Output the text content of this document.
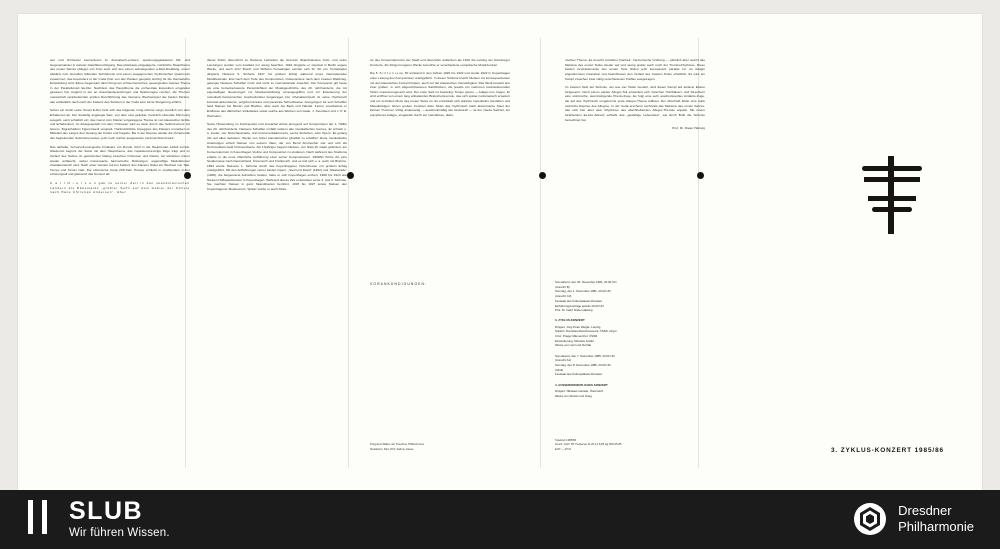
sier und Orchester konzertieren im dramatisch-ernsten, spannungsgeladenen Mit- und Gegeneinander in steteter Gleichberechtigung. Das phantasie-eingelagerte, männliche Hauptthema des ersten Satzes (Allegro con brio) setzt sich aus einem aufsteigenden a-Moll-Dreiklang, einem abwärts zum Grundton fallenden Schrittmotiv und einem ausgeprochen rhythmischen Quartmotiv zusammen, das besonders in der Coda (hier von den Pauken gespielt) wichtig für die thematische Entwicklung wird. Eines Gegensatz dazu bringt ein schwermerisches, gesangvolles zweites Thema in der Paralleltonart Es-Dur. Nachdem das Hauptthema die orchestrale Exposition eingeleitet gewesen hat, beginnt in der an Auseinandersetzungen und Spannungen reichen, die Themen meisterhaft verarbeitenden großen Durchführung das intensive Wechselspiel der beiden Partner, das schließlich nach nach der Kadenz des Solisten in der Coda eine letzte Steigerung erfährt.

Schon ein durch seine Tonart E-Dur hebt sich das folgende, innig-schöne Largo merklich von dem Erhabenen ab. Der dreiteilig angelegte Satz, von dem eine geliebte, freiartich-ruhevolle Stimmung ausgeht, setzt schallich ein; das zuerst vom Klavier vorgetragene Thema ist von klassischer Größe und Erhabenheit. Im Zwiegespräch mit dem Orchester wird es dann durch das Solinstrument mit feinem, filigranhaftem Figurenwerk umspielt. Harfenähnliche Arpeggien des Klaviers umranken im Mittelteil des Largos den Gesang der Flöten und Fagotts. Bis in der Reprise wieder die Ornamentik des begleitenden Soloinstrumentes, jetzt noch reicher ausgeweitet, kennzeichnend wird.

Das lebhafte, humorvoll-energische Finalsatz, ein Rondo, führt in die Haupttonart a-Moll zurück. Wiederum beginnt der Solist mit dem Hauptthema, das zupackend-trotzige Züge trägt und im Verlauf des Satzes im geistreichen Dialog zwischen Orchester und Klavier mit Varianten immer wieder auftaucht, wobei interessante harmonische Rückungen, eigenwillige Modulationen charakteristisch sind. Nach einer zweiten kurzen Kadenz des Klaviers findet ein Wechsel von Takt, Tempo und Tonart statt. Die stürmische Coda (6/8-Takt, Presto) schließt in strahlendem C-Dur schwungvoll und glänzend das Konzert ab.

C a r l N i e l s e n gab zu seiner Zeit in den skandinavischen Ländern als Dänemarks „größter Sohn auf dem Gebiet der Künste nach Hans Christian Andersen“. Aber

dieser Ruhm überschritt zu Nielsens Lebzeiten die Grenzen Skandinaviens nicht, und seine Leistungen wurden vom Ausland nur wenig beachtet. 1922 dirigierte er zweimal in Berlin eigene Werke, und auch Fritz Busch und Wilhelm Furtwängler setzten sich für ihn ein. Furtwängler dirigierte Nielsens 5. Sinfonie 1927 mit großem Erfolg während eines internationalen Musikfestivals. Erst nach dem Tode des Komponisten, insbesondere nach dem zweiten Weltkrieg, gelangte Nielsens Schaffen mehr und mehr zu internationaler Ansehen. Der Komponist gilt heute als eine bemerkenswerte Persönlichkeit der Musikgeschichte des 20. Jahrhunderts, die mit eigenwilligen Neuerungen zur Musikentwicklung vorausgegriffen und zur Erweiterung der melodisch-harmonischen Ausdruckmittel beigetragen hat. Charakteristisch ist seine rhythmisch kontrast-akzentuierte, polyphon-lineare und pastorale Schreibweise. Anregungen für sein Schaffen fand Nielsen bei Mozart und Brahms, aber auch bei Bach und Händel. Ferner verarbeitete er Einflüsse des dänischen Volksliedes sowie solche aus Werken von Gade, J. Svendsen und J. P. E. Hartmann.

Seine Hinwendung zu Kontrapunkt und Linearität wirkte anregend auf Komponisten der 1. Hälfte des 20. Jahrhunderts. Nielsens Schaffen umfaßt nahezu alle musikalischen Genres. Er schrieb u. a. Lieder, vier Streichquartette, drei Instrumentalkonzerte, sechs Sinfonien, zwei Opern. Es gelang ihm auf allen Gebieten, Werke von hoher künstlerischer Qualität zu schaffen. Erste musikalische Anleitungen erhielt Nielsen von seinem Vater, der von Beruf Anstreicher war und sich als Dorfmusikant Geld hinzuverdiente. Als 17jähriger begann Nielsen, von Niels W. Gade gefördert, am Konservatorium in Kopenhagen Violine und Komposition zu studieren. Nach während des Studiums erlebte er die erste öffentliche Aufführung einer seiner Kompositionen. 1890/91 führte ihn eine Studienreise nach Deutschland, Österreich und Frankreich, und es traf sich u. a. auch mit Brahms. 1894 wurde Nielsens 1. Sinfonie durch das Kopenhagener Hoforchester mit großem Erfolg uraufgeführt. Mit den Aufführungen seiner beiden Opern, „Saul und David“ (1902) und „Maskerade“ (1906), die beigeisterte Aufnahme fanden, hatte er sich Kopenhagen erobert. 1908 bis 1914 war Nielsen Hofkapellmeister in Kopenhagen. Während dieses Zeit entstanden seine 3. und 4. Sinfonie. Sie machten Nielsen in ganz Skandinavien berühmt. 1915 bis 1927 leitete Nielsen den Kopenhagener Musikverein. Später wurde er auch Direk-

tor des Konservatoriums der Stadt und übernahm außerdem als 1918 die Leitung der Göteborger Konzerte. Als Dirigent eigener Werke besuchte er verschiedene europäische Musikzentren.

Die 5. S i n f o n i e op. 50 entstand in den Jahren 1920 bis 1922 und wurde 1922 in Kopenhagen unter Leitung des Komponisten uraufgeführt. In dieser Sinfonie bracht Nielsen mit konsequentesten mit den klassischen Formprinzipien, auch mit der klassischen Viersätzigkeit. Das Werk besteht aus zwei großen, in sich abgeschlossenen Satzblöcken, die jeweils ein mehreren kontrastierenden Teilen zusammengesetzt sind. Der erste Satz ist zweiteilig: Tempo giusto — Adagio non troppo. Er wird eröffnet von einem lang anhaltenden Bratschentremolo, das sich später melismatisch erweitert und ein zentrales Motiv des ersten Teiles ist. Es entwickelt sich stärkste melodische Gestalten und Melodiefolgen. Einen großen Kontrast dazu bildet das rhythmisch stark akzentuierte Spiel der kleinen Trommel, Völlig andersartig — ausdruckmäßig wie strukturell — ist der zweite Satzteil, ein polyphones Adagio, eingeleitet durch ein melodiöses, diato-

nisches Thema. Es herscht zunächst ‚Klarheit‘, harmonische Ordnung — plötzlich aber taucht das Melisma des ersten Teiles wieder auf und wenig später auch noch der Trommelrhythmus. Diese beiden Grundelemente des ersten Teils finden jetzt konsequent parallel zur an Adagio angestimmten Intonation und beeinflussen den Verlauf des zweiten Teiles erheblich. Es wird ein Kampf zwischen zwei völlig verschiedenen Kräften ausgetragen.

Im zweiten Satz der Sinfonie, der aus vier Teilen besteht, wird dieser Kampf auf anderer Ebene fortgesetzt. Noch einem steilen Allegro-Teil entwickelt sich zwischen Holzbläsern und Streichern eine stürmische, atemzwingende Presto-Fuge. Es folgt eine sehr ausdrucksvolles Andante-Fuge, die auf das rhythmisch umgeformte erste Allegro-Thema aufbaut. Der Abschluß bildet eine stark verkürzte Reprise des Allegros. In der Coda erscheint nochmals das Melisma des ersten Satzes, das sich hier aber dem Rhythmus des abschließenden Allegro-Themas anpaßt. Mit einem strahlenden Es-Dur-Akkord schließt das „gewaltige Lebenslied“, wie Erich Brüll die Sinfonie bezeichnet hat.

Prof. Dr. Dieter Härtwig
VORANKÜNDIGUNGEN:	Sonnabend, den 30. November 1981, 20.00 Uhr
(Anrecht B)
Sonntag, den 1. Dezember 1981, 20.00 Uhr
(Anrecht C2)
Festsaal des Kulturpalastes Dresden
Einführungsvorträge jeweils 19.00 Uhr
Prof. Dr. habil. Dieter Härtwig
3. ZYKLUS-KONZERT
Dirigent: Jörg-Peter Weigle, Leipzig
Solistin: Dorothea Fleischmanová, ČSSR, Orgel
Chor: Prager Männerchor, ČSSR
Einstudierung: Miroslav Košler
Werke von Liszt und Dvořák
Sonnabend, den 7. Dezember 1985, 20.00 Uhr
(Anrecht A1)
Sonntag, den 8. Dezember 1985, 20.00 Uhr
(AK/2)
Festsaal des Kulturpalastes Dresden
4. AUSSERORDENTLICHES KONZERT
Dirigent: Nikolaus Carielle, Österreich
Werke von Mozart und Grieg
Programmblätter der Dresdner Philharmonie
Redaktion: Dipl.-Phil. Sabine Gasse
Spielzeit 1985/86
Druck: GGV. BT Heidenau III-20-14 8,85 Ag 509-65-85
EVP —,25 M	3. ZYKLUS-KONZERT 1985/86
SLUB
Wir führen Wissen.
Dresdner
Philharmonie
